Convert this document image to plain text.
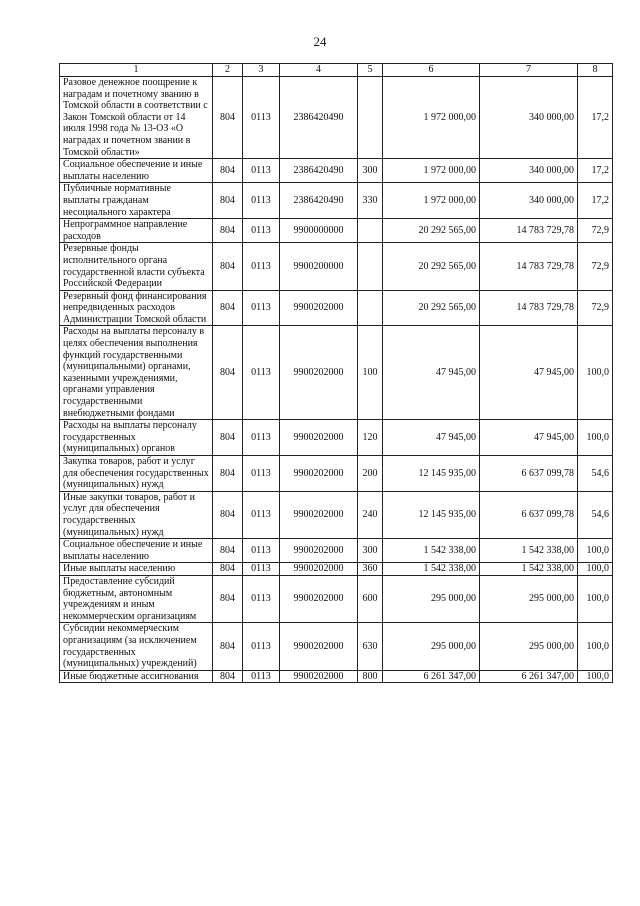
24
1	2	3	4	5	6	7	8
Разовое денежное поощрение к наградам и почетному званию в Томской области в соответствии с Закон Томской области от 14 июля 1998 года № 13-ОЗ «О наградах и почетном звании в Томской области»	804	0113	2386420490		1 972 000,00	340 000,00	17,2
Социальное обеспечение и иные выплаты населению	804	0113	2386420490	300	1 972 000,00	340 000,00	17,2
Публичные нормативные выплаты гражданам несоциального характера	804	0113	2386420490	330	1 972 000,00	340 000,00	17,2
Непрограммное направление расходов	804	0113	9900000000		20 292 565,00	14 783 729,78	72,9
Резервные фонды исполнительного органа государственной власти субъекта Российской Федерации	804	0113	9900200000		20 292 565,00	14 783 729,78	72,9
Резервный фонд финансирования непредвиденных расходов Администрации Томской области	804	0113	9900202000		20 292 565,00	14 783 729,78	72,9
Расходы на выплаты персоналу в целях обеспечения выполнения функций государственными (муниципальными) органами, казенными учреждениями, органами управления государственными внебюджетными фондами	804	0113	9900202000	100	47 945,00	47 945,00	100,0
Расходы на выплаты персоналу государственных (муниципальных) органов	804	0113	9900202000	120	47 945,00	47 945,00	100,0
Закупка товаров, работ и услуг для обеспечения государственных (муниципальных) нужд	804	0113	9900202000	200	12 145 935,00	6 637 099,78	54,6
Иные закупки товаров, работ и услуг для обеспечения государственных (муниципальных) нужд	804	0113	9900202000	240	12 145 935,00	6 637 099,78	54,6
Социальное обеспечение и иные выплаты населению	804	0113	9900202000	300	1 542 338,00	1 542 338,00	100,0
Иные выплаты населению	804	0113	9900202000	360	1 542 338,00	1 542 338,00	100,0
Предоставление субсидий бюджетным, автономным учреждениям и иным некоммерческим организациям	804	0113	9900202000	600	295 000,00	295 000,00	100,0
Субсидии некоммерческим организациям (за исключением государственных (муниципальных) учреждений)	804	0113	9900202000	630	295 000,00	295 000,00	100,0
Иные бюджетные ассигнования	804	0113	9900202000	800	6 261 347,00	6 261 347,00	100,0
